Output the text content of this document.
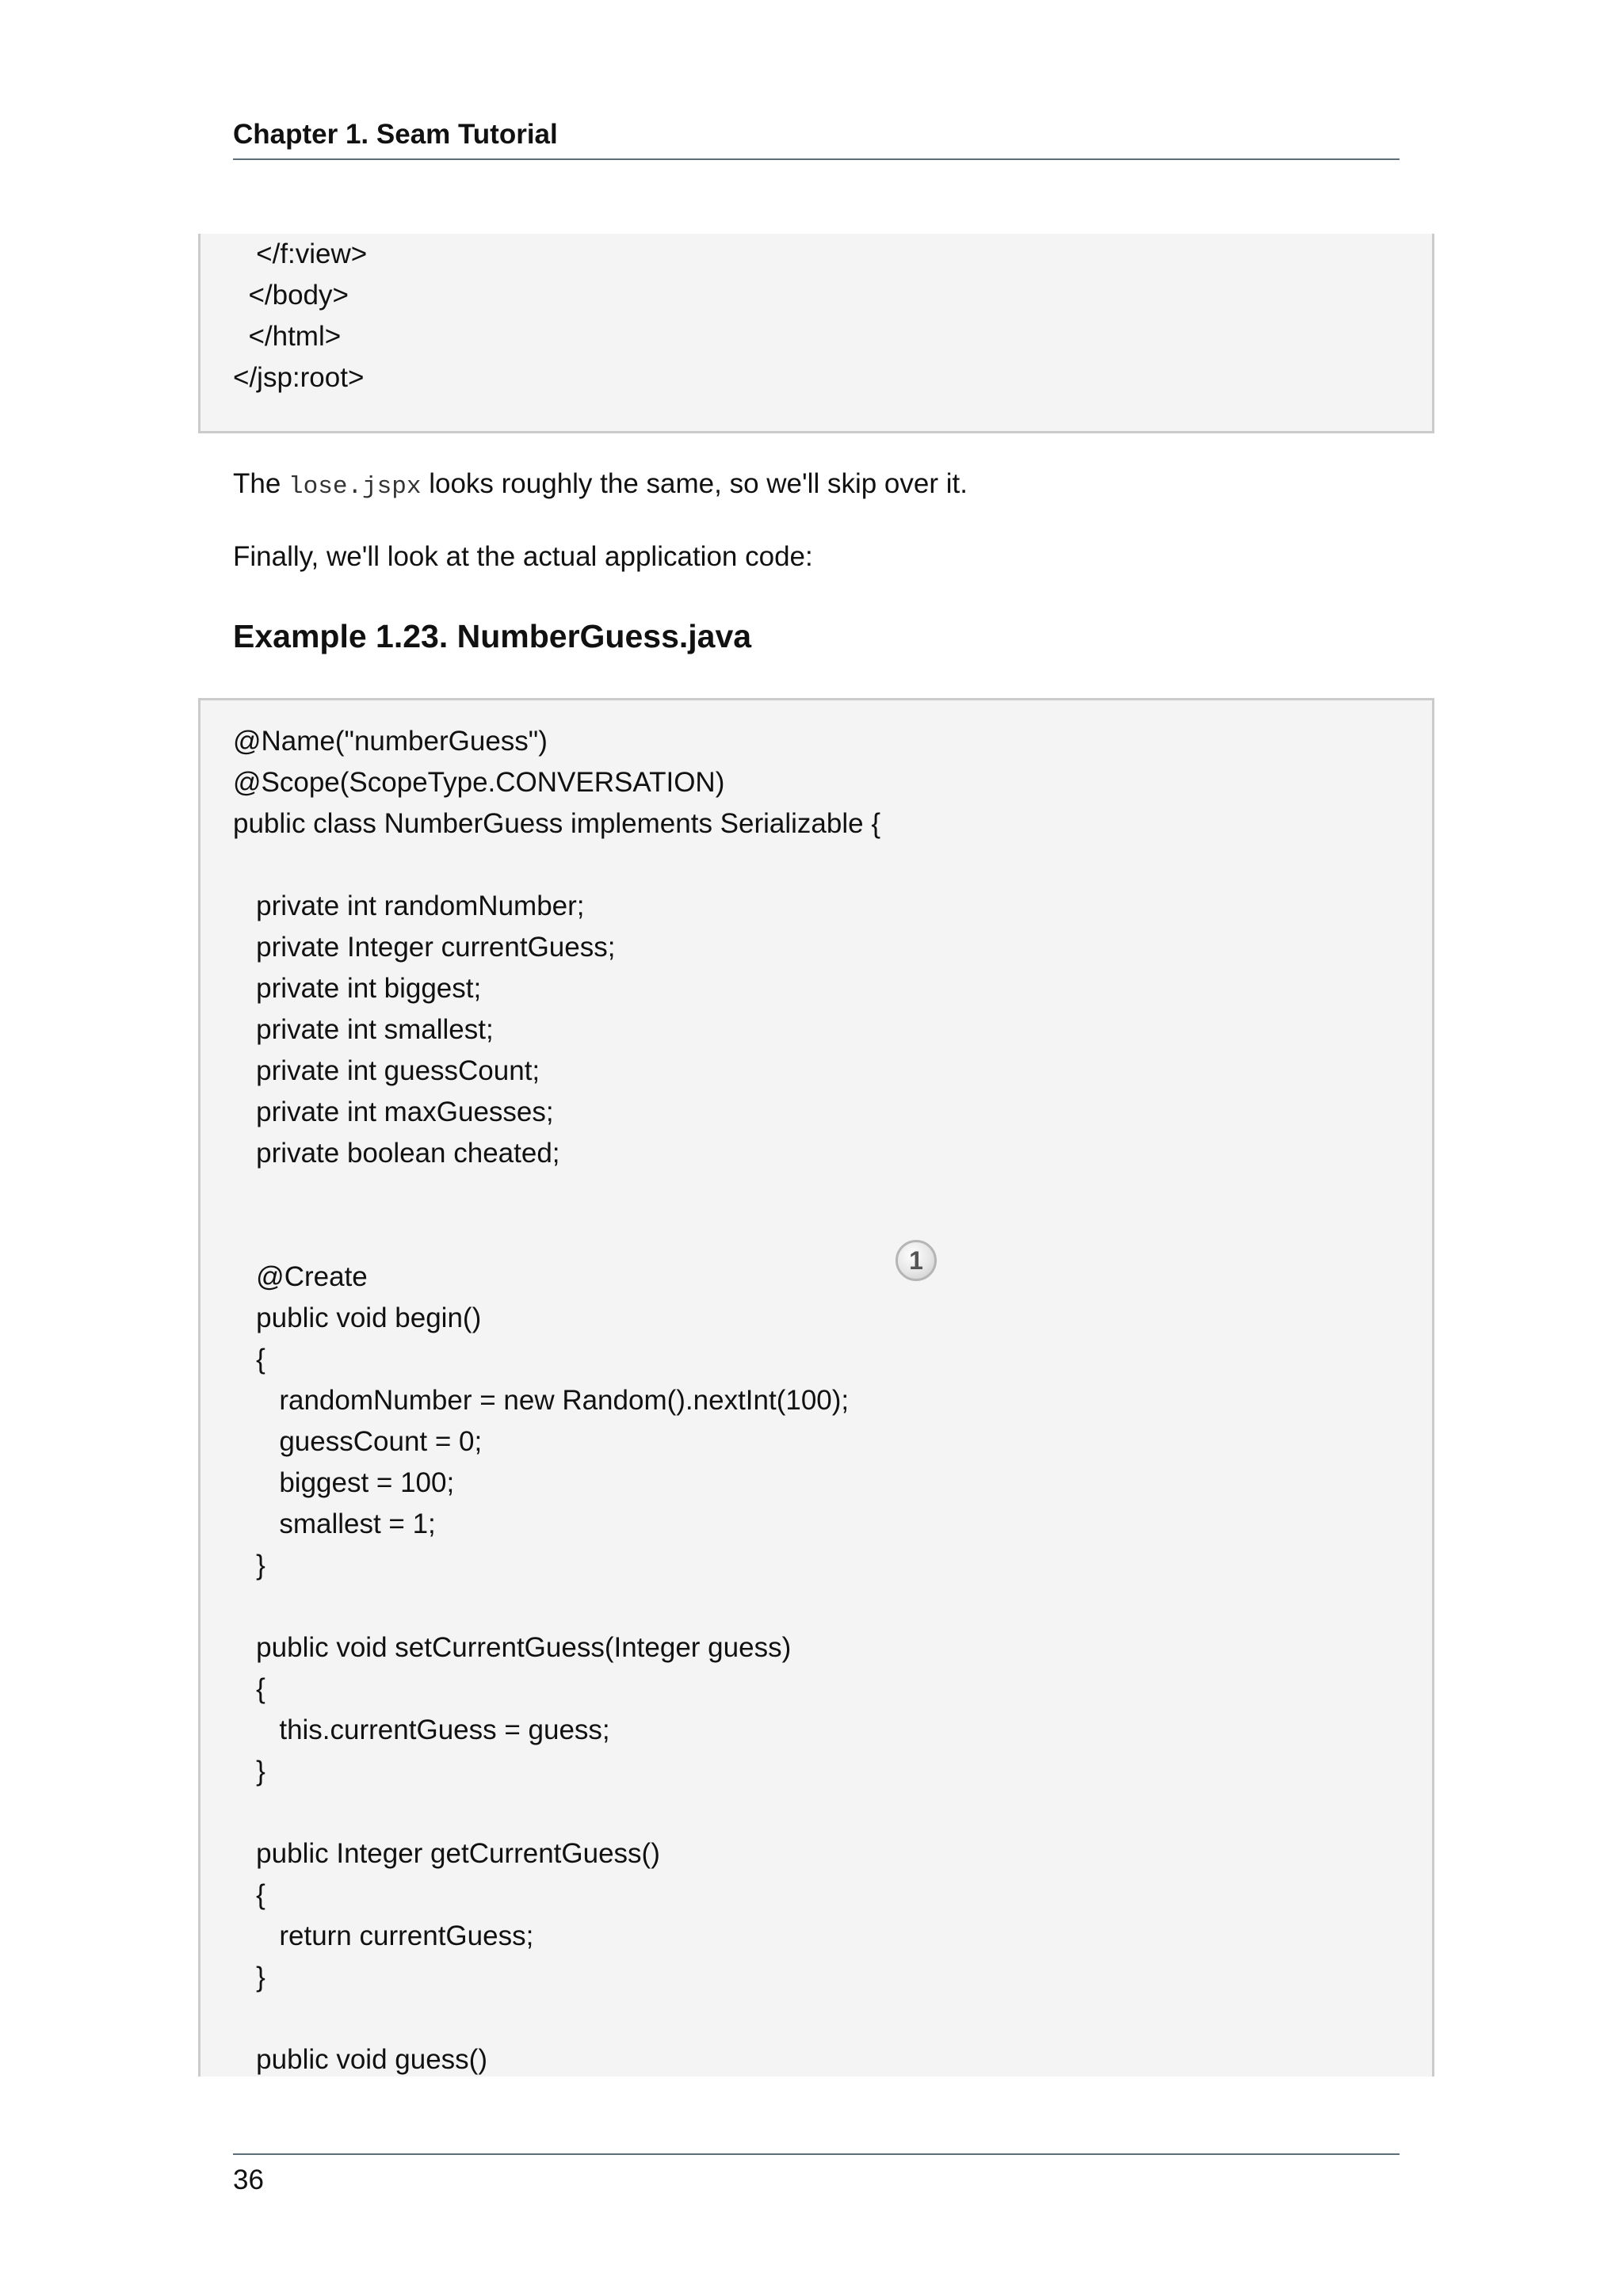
Chapter 1. Seam Tutorial
</f:view>
</body>
</html>
</jsp:root>
The lose.jspx looks roughly the same, so we'll skip over it.
Finally, we'll look at the actual application code:
Example 1.23. NumberGuess.java
@Name("numberGuess")
@Scope(ScopeType.CONVERSATION)
public class NumberGuess implements Serializable {
private int randomNumber;
private Integer currentGuess;
private int biggest;
private int smallest;
private int guessCount;
private int maxGuesses;
private boolean cheated;
@Create
public void begin()
{
randomNumber = new Random().nextInt(100);
guessCount = 0;
biggest = 100;
smallest = 1;
}
public void setCurrentGuess(Integer guess)
{
this.currentGuess = guess;
}
public Integer getCurrentGuess()
{
return currentGuess;
}
public void guess()
1
36
